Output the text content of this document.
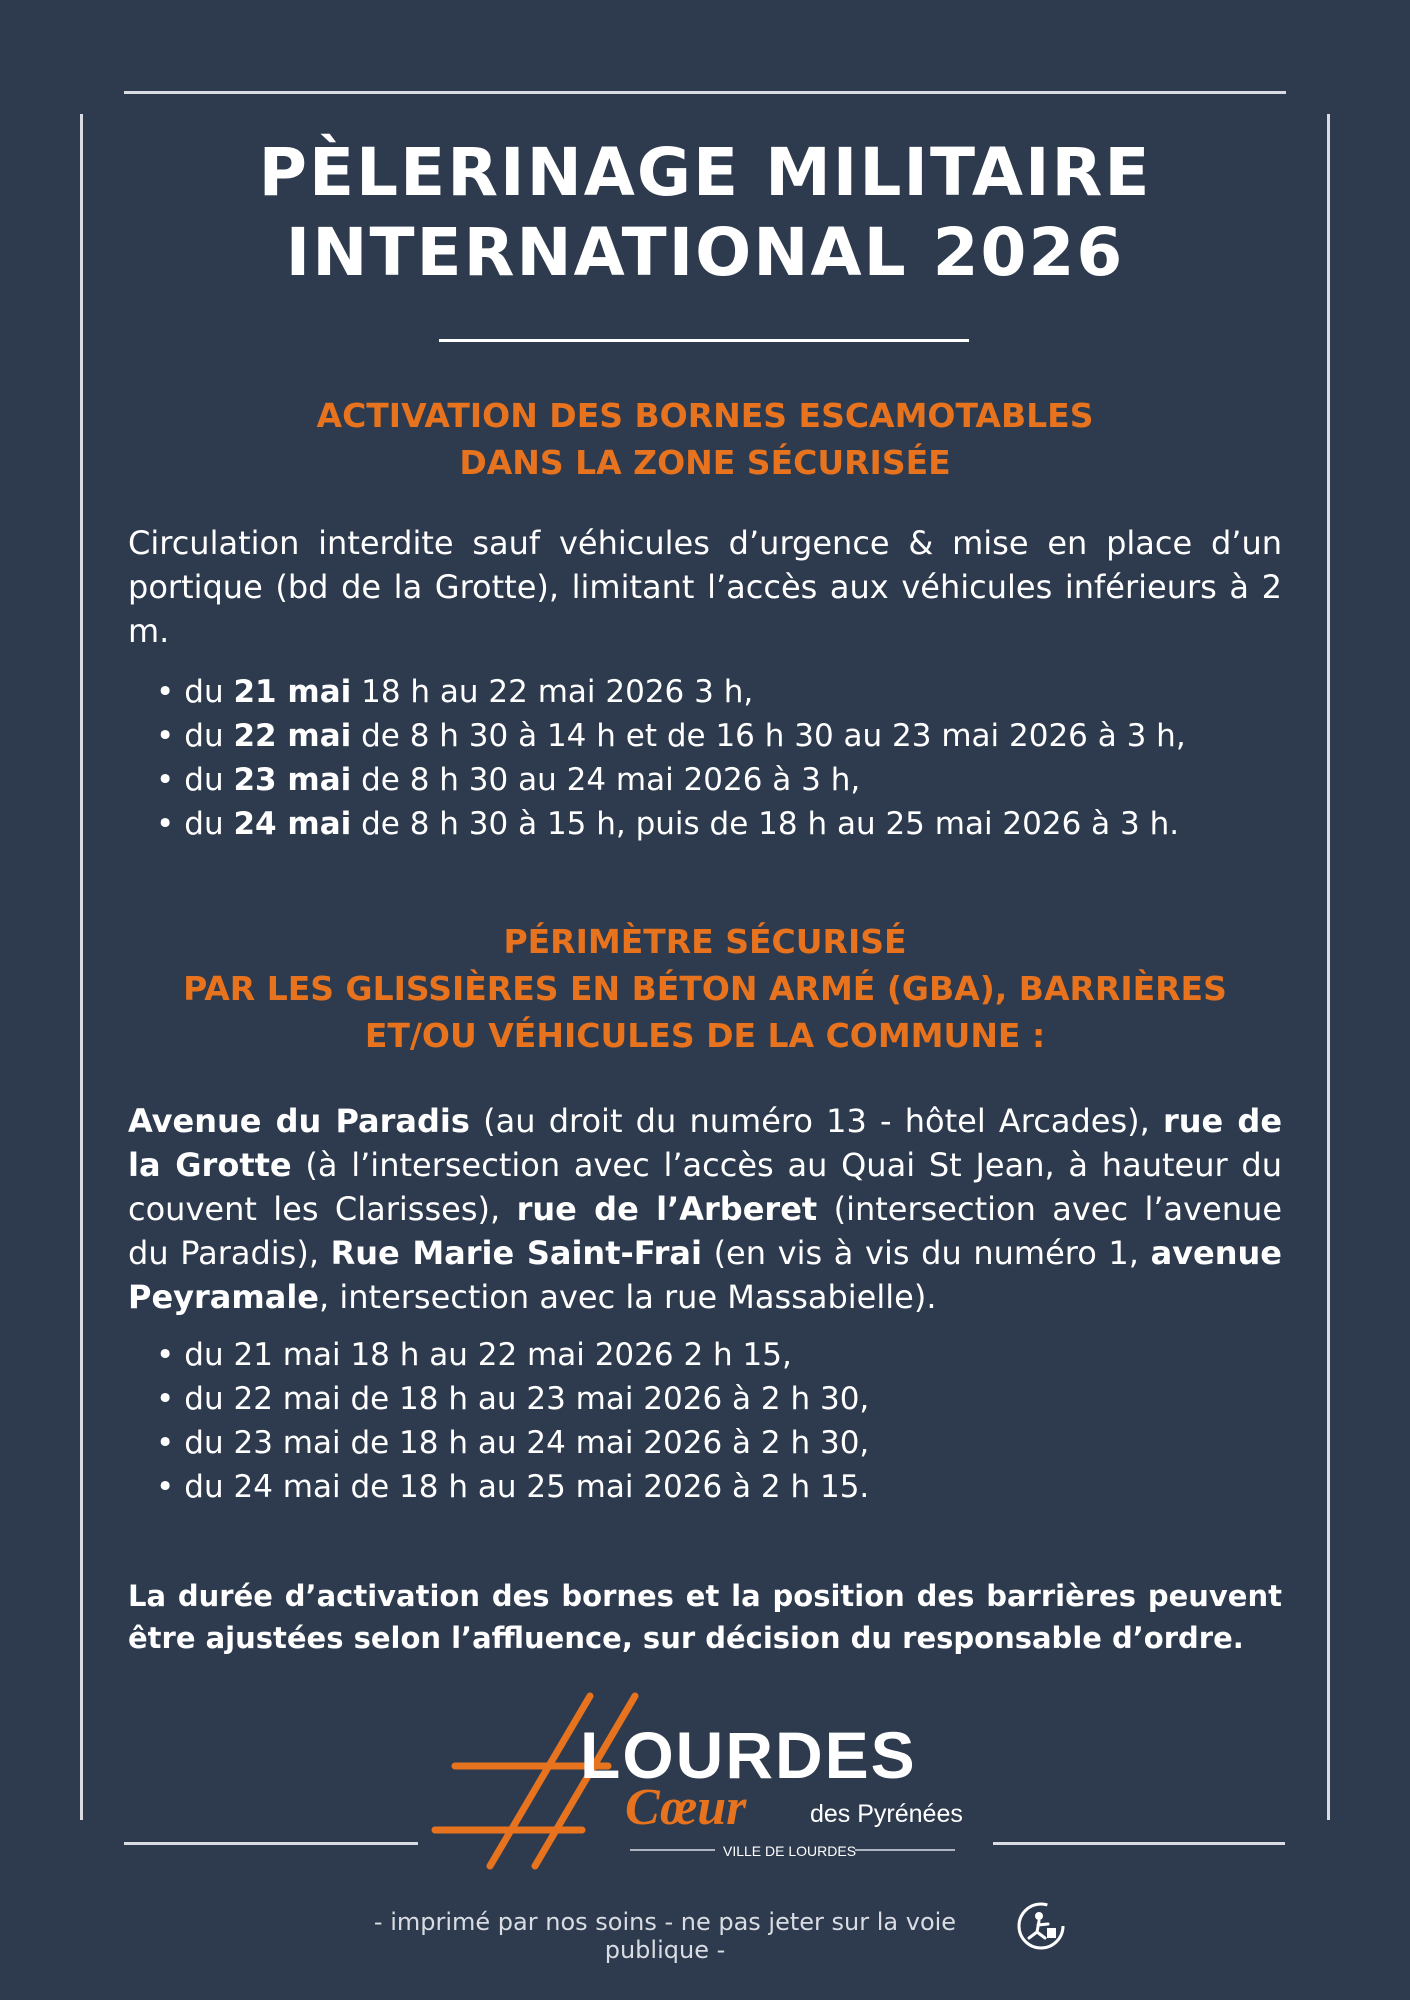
PÈLERINAGE MILITAIRE
INTERNATIONAL 2026
ACTIVATION DES BORNES ESCAMOTABLES
DANS LA ZONE SÉCURISÉE

Circulation interdite sauf véhicules d’urgence & mise en place d’un portique (bd de la Grotte), limitant l’accès aux véhicules inférieurs à 2 m.

• du 21 mai 18 h au 22 mai 2026 3 h,
• du 22 mai de 8 h 30 à 14 h et de 16 h 30 au 23 mai 2026 à 3 h,
• du 23 mai de 8 h 30 au 24 mai 2026 à 3 h,
• du 24 mai de 8 h 30 à 15 h, puis de 18 h au 25 mai 2026 à 3 h.
PÉRIMÈTRE SÉCURISÉ
PAR LES GLISSIÈRES EN BÉTON ARMÉ (GBA), BARRIÈRES
ET/OU VÉHICULES DE LA COMMUNE :

Avenue du Paradis (au droit du numéro 13 - hôtel Arcades), rue de la Grotte (à l’intersection avec l’accès au Quai St Jean, à hauteur du couvent les Clarisses), rue de l’Arberet (intersection avec l’avenue du Paradis), Rue Marie Saint-Frai (en vis à vis du numéro 1, avenue Peyramale, intersection avec la rue Massabielle).

• du 21 mai 18 h au 22 mai 2026 2 h 15,
• du 22 mai de 18 h au 23 mai 2026 à 2 h 30,
• du 23 mai de 18 h au 24 mai 2026 à 2 h 30,
• du 24 mai de 18 h au 25 mai 2026 à 2 h 15.

La durée d’activation des bornes et la position des barrières peuvent être ajustées selon l’affluence, sur décision du responsable d’ordre.

LOURDES
Cœur	des Pyrénées
VILLE DE LOURDES
- imprimé par nos soins - ne pas jeter sur la voie publique -
